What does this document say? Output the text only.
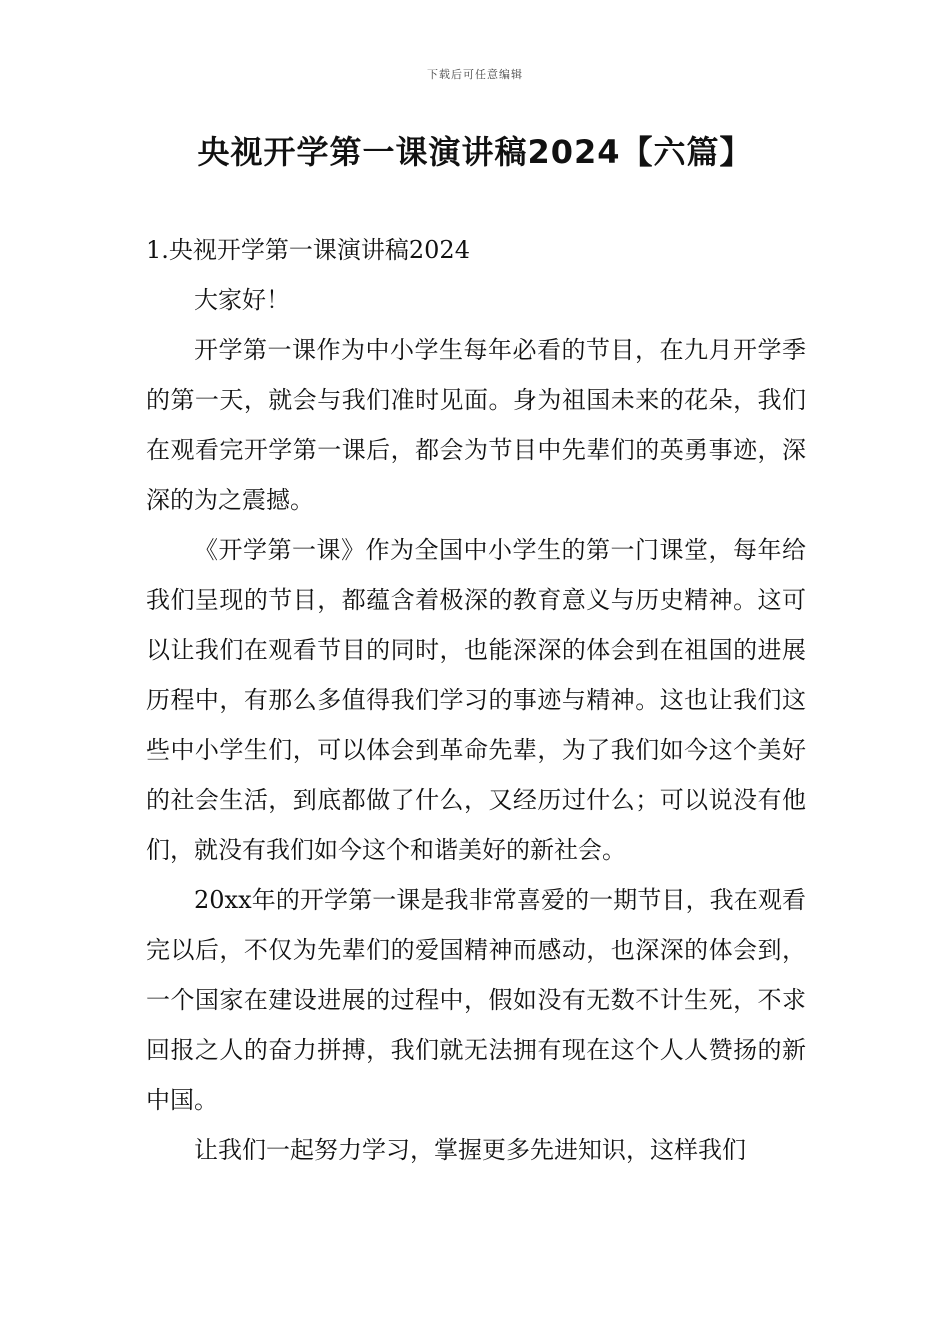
下载后可任意编辑
央视开学第一课演讲稿2024【六篇】
1.央视开学第一课演讲稿2024

大家好！

开学第一课作为中小学生每年必看的节目，在九月开学季的第一天，就会与我们准时见面。身为祖国未来的花朵，我们在观看完开学第一课后，都会为节目中先辈们的英勇事迹，深深的为之震撼。

《开学第一课》作为全国中小学生的第一门课堂，每年给我们呈现的节目，都蕴含着极深的教育意义与历史精神。这可以让我们在观看节目的同时，也能深深的体会到在祖国的进展历程中，有那么多值得我们学习的事迹与精神。这也让我们这些中小学生们，可以体会到革命先辈，为了我们如今这个美好的社会生活，到底都做了什么，又经历过什么；可以说没有他们，就没有我们如今这个和谐美好的新社会。

20xx年的开学第一课是我非常喜爱的一期节目，我在观看完以后，不仅为先辈们的爱国精神而感动，也深深的体会到，一个国家在建设进展的过程中，假如没有无数不计生死，不求回报之人的奋力拼搏，我们就无法拥有现在这个人人赞扬的新中国。

让我们一起努力学习，掌握更多先进知识，这样我们
